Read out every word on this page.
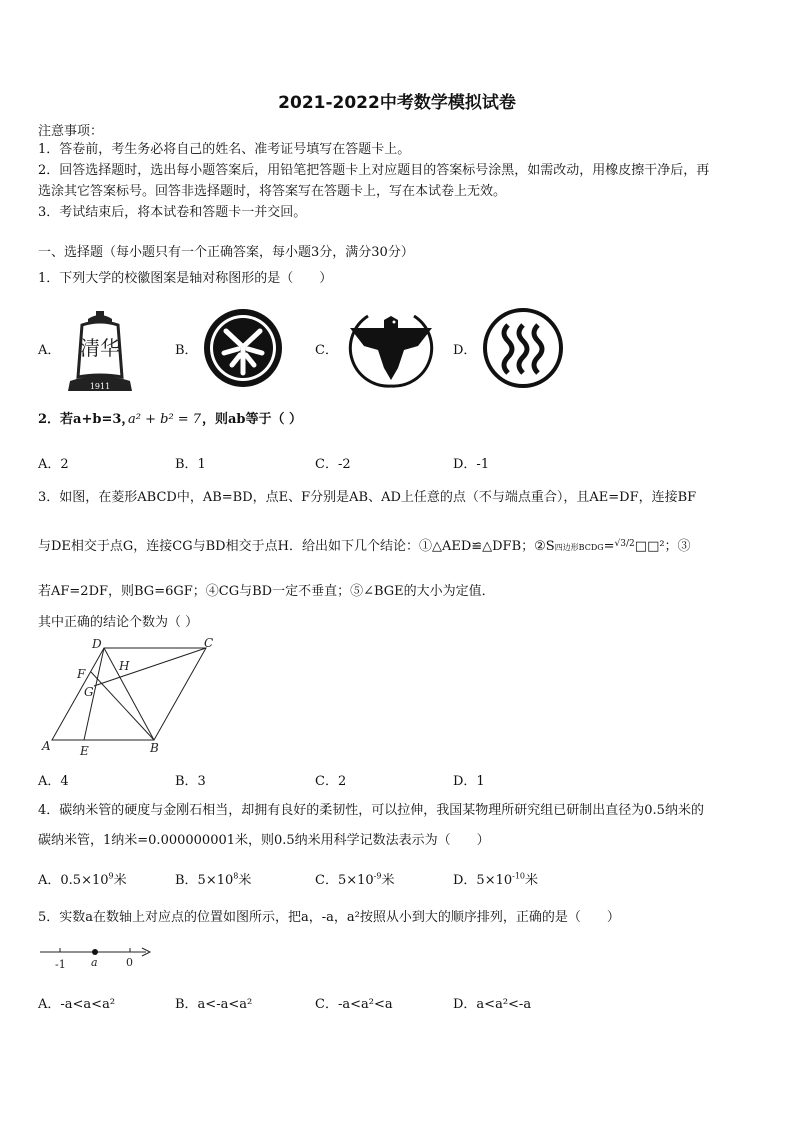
2021-2022中考数学模拟试卷
注意事项：
1．答卷前，考生务必将自己的姓名、准考证号填写在答题卡上。
2．回答选择题时，选出每小题答案后，用铅笔把答题卡上对应题目的答案标号涂黑，如需改动，用橡皮擦干净后，再
选涂其它答案标号。回答非选择题时，将答案写在答题卡上，写在本试卷上无效。
3．考试结束后，将本试卷和答题卡一并交回。
一、选择题（每小题只有一个正确答案，每小题3分，满分30分）
1．下列大学的校徽图案是轴对称图形的是（　　）
A．	B．	C．	D．
清华
1911
2．若a+b=3，
a² + b² = 7 ，则ab等于（ ）
A．2	B．1	C．-2	D．-1
3．如图，在菱形ABCD中，AB=BD，点E、F分别是AB、AD上任意的点（不与端点重合），且AE=DF，连接BF
与DE相交于点G，连接CG与BD相交于点H．给出如下几个结论：①△AED≌△DFB；②S四边形BCDG=$^{√3/2}$□□²；③
若AF=2DF，则BG=6GF；④CG与BD一定不垂直；⑤∠BGE的大小为定值．
其中正确的结论个数为（ ）
D	C
H
F
G
A E	B
A．4	B．3	C．2	D．1
4．碳纳米管的硬度与金刚石相当，却拥有良好的柔韧性，可以拉伸，我国某物理所研究组已研制出直径为0.5纳米的
碳纳米管，1纳米=0.000000001米，则0.5纳米用科学记数法表示为（　　）
A．$0.5\times 10^9$米	B．$5\times 10^8$米	C．$5\times 10^{-9}$米	D．$5\times 10^{-10}$米
5．实数a在数轴上对应点的位置如图所示，把a，-a，a²按照从小到大的顺序排列，正确的是（　　）
-1 a	0
A．-a<a<a²	B．a<-a<a²	C．-a<a²<a	D．a<a²<-a
